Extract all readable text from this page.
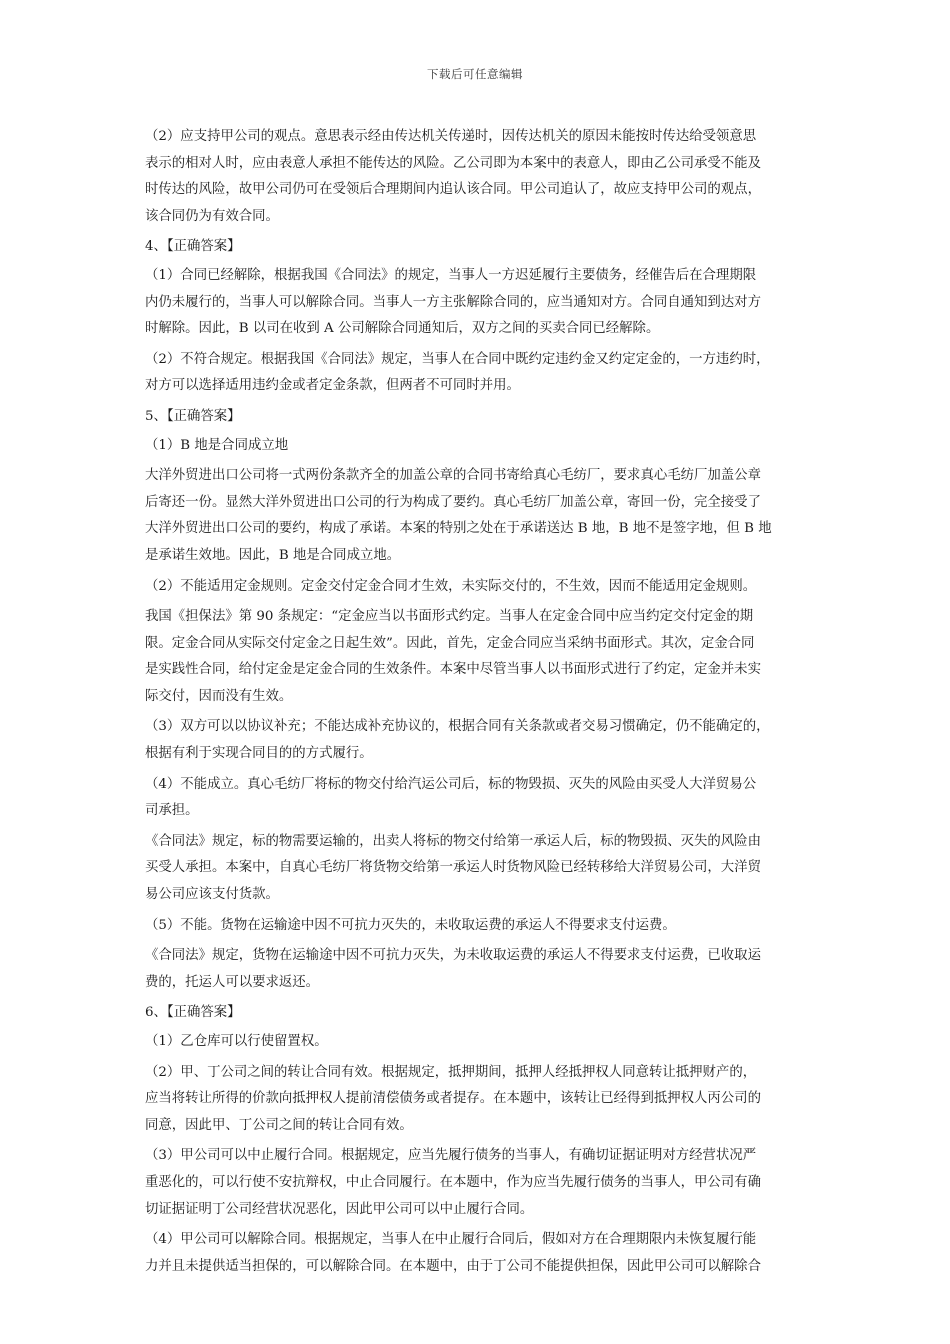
下载后可任意编辑
（2）应支持甲公司的观点。意思表示经由传达机关传递时，因传达机关的原因未能按时传达给受领意思
表示的相对人时，应由表意人承担不能传达的风险。乙公司即为本案中的表意人，即由乙公司承受不能及
时传达的风险，故甲公司仍可在受领后合理期间内追认该合同。甲公司追认了，故应支持甲公司的观点，
该合同仍为有效合同。
4、【正确答案】
（1）合同已经解除，根据我国《合同法》的规定，当事人一方迟延履行主要债务，经催告后在合理期限
内仍未履行的，当事人可以解除合同。当事人一方主张解除合同的，应当通知对方。合同自通知到达对方
时解除。因此，B 以司在收到 A 公司解除合同通知后，双方之间的买卖合同已经解除。
（2）不符合规定。根据我国《合同法》规定，当事人在合同中既约定违约金又约定定金的，一方违约时，
对方可以选择适用违约金或者定金条款，但两者不可同时并用。
5、【正确答案】
（1）B 地是合同成立地
大洋外贸进出口公司将一式两份条款齐全的加盖公章的合同书寄给真心毛纺厂，要求真心毛纺厂加盖公章
后寄还一份。显然大洋外贸进出口公司的行为构成了要约。真心毛纺厂加盖公章，寄回一份，完全接受了
大洋外贸进出口公司的要约，构成了承诺。本案的特别之处在于承诺送达 B 地，B 地不是签字地，但 B 地
是承诺生效地。因此，B 地是合同成立地。
（2）不能适用定金规则。定金交付定金合同才生效，未实际交付的，不生效，因而不能适用定金规则。
我国《担保法》第 90 条规定：“定金应当以书面形式约定。当事人在定金合同中应当约定交付定金的期
限。定金合同从实际交付定金之日起生效”。因此，首先，定金合同应当采纳书面形式。其次，定金合同
是实践性合同，给付定金是定金合同的生效条件。本案中尽管当事人以书面形式进行了约定，定金并未实
际交付，因而没有生效。
（3）双方可以以协议补充；不能达成补充协议的，根据合同有关条款或者交易习惯确定，仍不能确定的，
根据有利于实现合同目的的方式履行。
（4）不能成立。真心毛纺厂将标的物交付给汽运公司后，标的物毁损、灭失的风险由买受人大洋贸易公
司承担。
《合同法》规定，标的物需要运输的，出卖人将标的物交付给第一承运人后，标的物毁损、灭失的风险由
买受人承担。本案中，自真心毛纺厂将货物交给第一承运人时货物风险已经转移给大洋贸易公司，大洋贸
易公司应该支付货款。
（5）不能。货物在运输途中因不可抗力灭失的，未收取运费的承运人不得要求支付运费。
《合同法》规定，货物在运输途中因不可抗力灭失，为未收取运费的承运人不得要求支付运费，已收取运
费的，托运人可以要求返还。
6、【正确答案】
（1）乙仓库可以行使留置权。
（2）甲、丁公司之间的转让合同有效。根据规定，抵押期间，抵押人经抵押权人同意转让抵押财产的，
应当将转让所得的价款向抵押权人提前清偿债务或者提存。在本题中，该转让已经得到抵押权人丙公司的
同意，因此甲、丁公司之间的转让合同有效。
（3）甲公司可以中止履行合同。根据规定，应当先履行债务的当事人，有确切证据证明对方经营状况严
重恶化的，可以行使不安抗辩权，中止合同履行。在本题中，作为应当先履行债务的当事人，甲公司有确
切证据证明丁公司经营状况恶化，因此甲公司可以中止履行合同。
（4）甲公司可以解除合同。根据规定，当事人在中止履行合同后，假如对方在合理期限内未恢复履行能
力并且未提供适当担保的，可以解除合同。在本题中，由于丁公司不能提供担保，因此甲公司可以解除合
